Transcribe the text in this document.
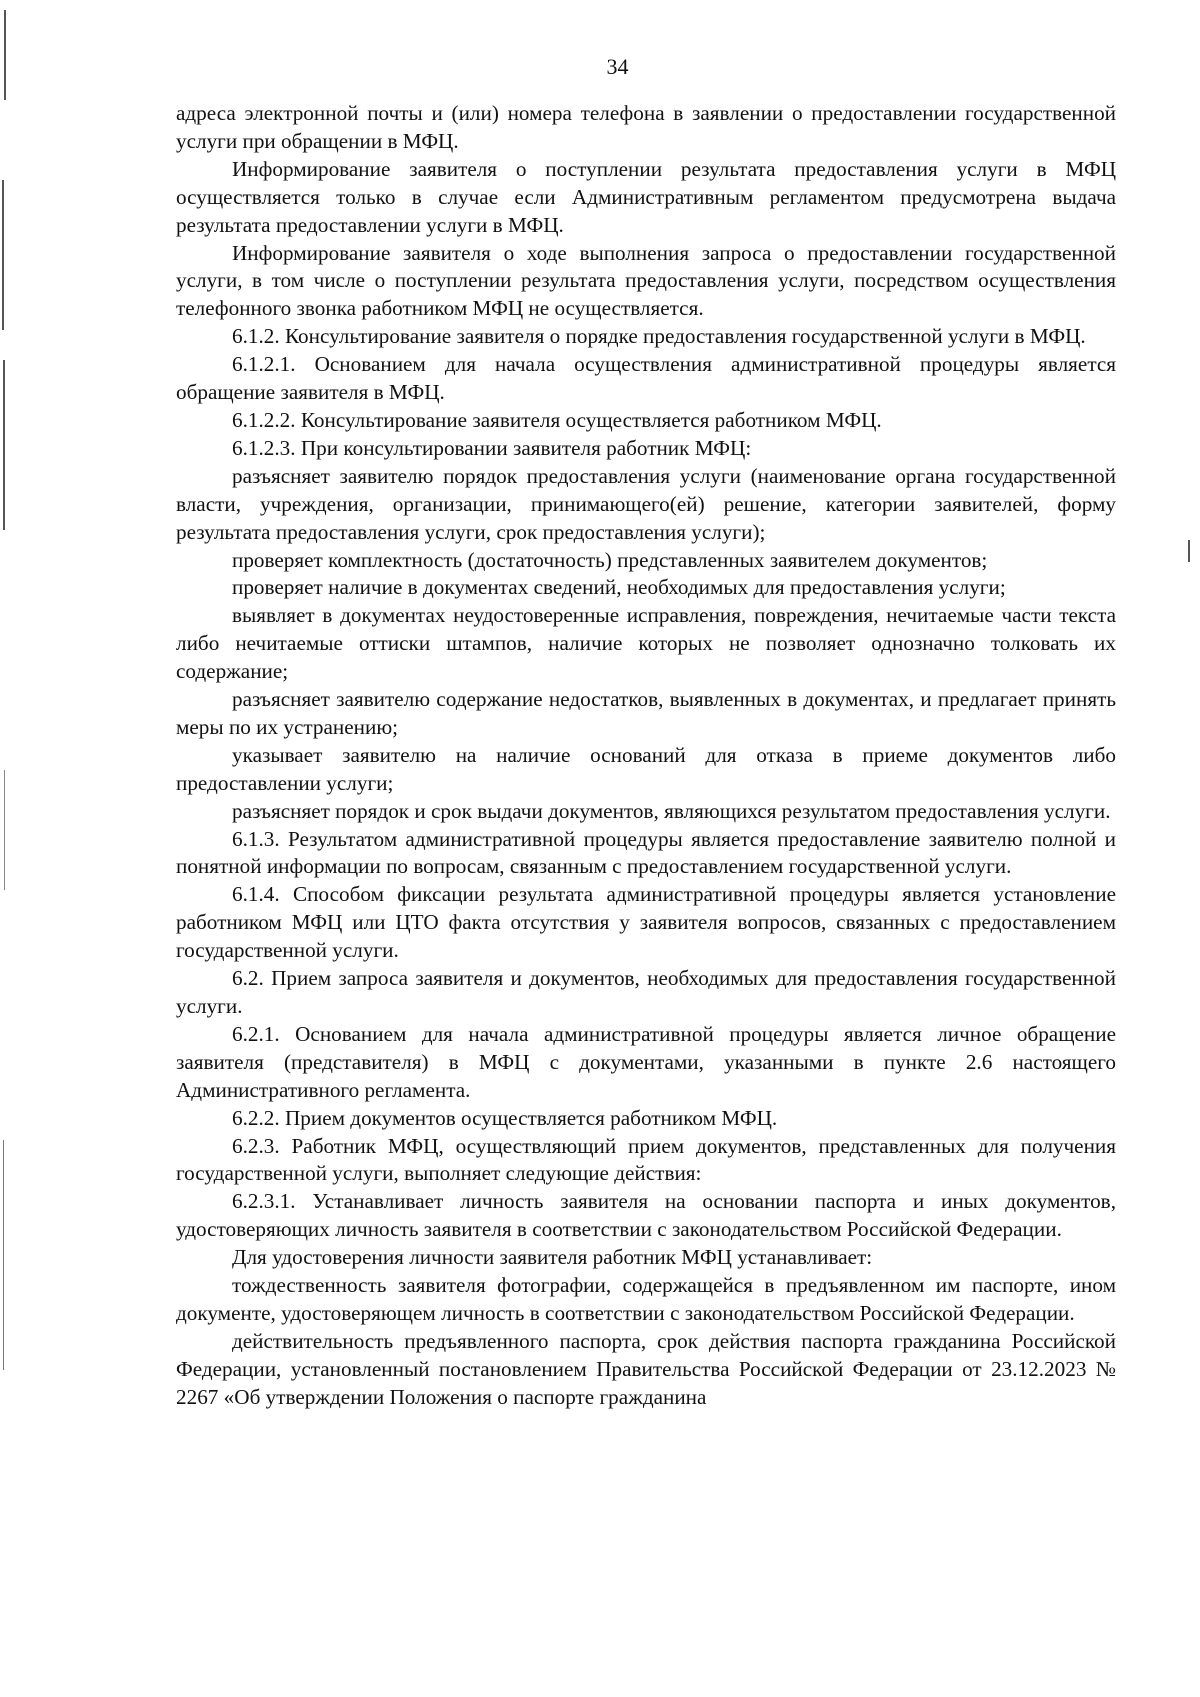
34

адреса электронной почты и (или) номера телефона в заявлении о предоставлении государственной услуги при обращении в МФЦ.

Информирование заявителя о поступлении результата предоставления услуги в МФЦ осуществляется только в случае если Административным регламентом предусмотрена выдача результата предоставлении услуги в МФЦ.

Информирование заявителя о ходе выполнения запроса о предоставлении государственной услуги, в том числе о поступлении результата предоставления услуги, посредством осуществления телефонного звонка работником МФЦ не осуществляется.

6.1.2. Консультирование заявителя о порядке предоставления государственной услуги в МФЦ.

6.1.2.1. Основанием для начала осуществления административной процедуры является обращение заявителя в МФЦ.

6.1.2.2. Консультирование заявителя осуществляется работником МФЦ.

6.1.2.3. При консультировании заявителя работник МФЦ:

разъясняет заявителю порядок предоставления услуги (наименование органа государственной власти, учреждения, организации, принимающего(ей) решение, категории заявителей, форму результата предоставления услуги, срок предоставления услуги);

проверяет комплектность (достаточность) представленных заявителем документов;

проверяет наличие в документах сведений, необходимых для предоставления услуги;

выявляет в документах неудостоверенные исправления, повреждения, нечитаемые части текста либо нечитаемые оттиски штампов, наличие которых не позволяет однозначно толковать их содержание;

разъясняет заявителю содержание недостатков, выявленных в документах, и предлагает принять меры по их устранению;

указывает заявителю на наличие оснований для отказа в приеме документов либо предоставлении услуги;

разъясняет порядок и срок выдачи документов, являющихся результатом предоставления услуги.

6.1.3. Результатом административной процедуры является предоставление заявителю полной и понятной информации по вопросам, связанным с предоставлением государственной услуги.

6.1.4. Способом фиксации результата административной процедуры является установление работником МФЦ или ЦТО факта отсутствия у заявителя вопросов, связанных с предоставлением государственной услуги.

6.2. Прием запроса заявителя и документов, необходимых для предоставления государственной услуги.

6.2.1. Основанием для начала административной процедуры является личное обращение заявителя (представителя) в МФЦ с документами, указанными в пункте 2.6 настоящего Административного регламента.

6.2.2. Прием документов осуществляется работником МФЦ.

6.2.3. Работник МФЦ, осуществляющий прием документов, представленных для получения государственной услуги, выполняет следующие действия:

6.2.3.1. Устанавливает личность заявителя на основании паспорта и иных документов, удостоверяющих личность заявителя в соответствии с законодательством Российской Федерации.

Для удостоверения личности заявителя работник МФЦ устанавливает:

тождественность заявителя фотографии, содержащейся в предъявленном им паспорте, ином документе, удостоверяющем личность в соответствии с законодательством Российской Федерации.

действительность предъявленного паспорта, срок действия паспорта гражданина Российской Федерации, установленный постановлением Правительства Российской Федерации от 23.12.2023 № 2267 «Об утверждении Положения о паспорте гражданина
